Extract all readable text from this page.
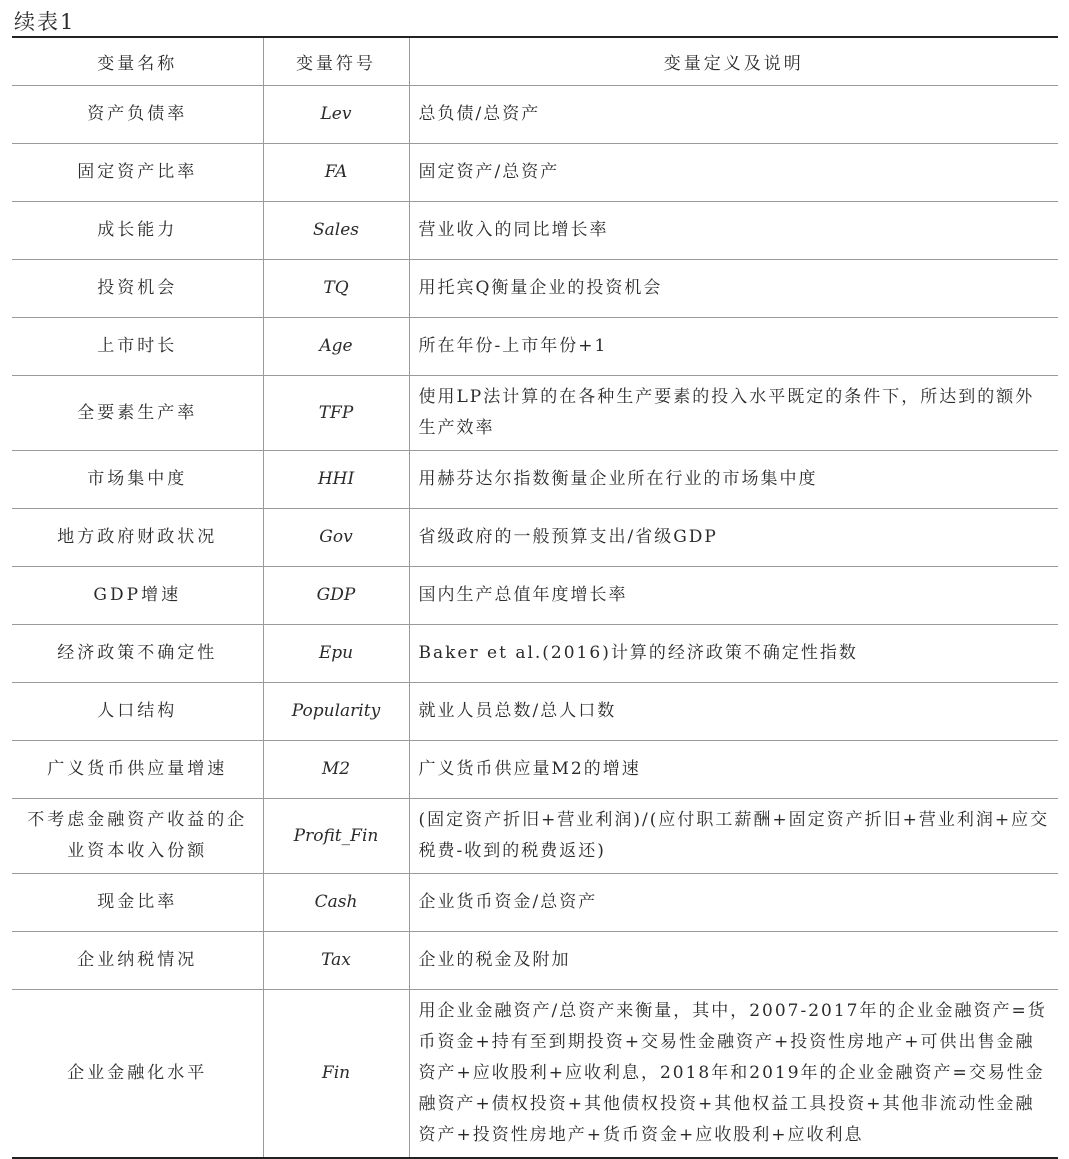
续表1
变量名称	变量符号	变量定义及说明
资产负债率	Lev	总负债/总资产
固定资产比率	FA	固定资产/总资产
成长能力	Sales	营业收入的同比增长率
投资机会	TQ	用托宾Q衡量企业的投资机会
上市时长	Age	所在年份-上市年份+1
全要素生产率	TFP	使用LP法计算的在各种生产要素的投入水平既定的条件下，所达到的额外生产效率
市场集中度	HHI	用赫芬达尔指数衡量企业所在行业的市场集中度
地方政府财政状况	Gov	省级政府的一般预算支出/省级GDP
GDP增速	GDP	国内生产总值年度增长率
经济政策不确定性	Epu	Baker et al.(2016)计算的经济政策不确定性指数
人口结构	Popularity	就业人员总数/总人口数
广义货币供应量增速	M2	广义货币供应量M2的增速
不考虑金融资产收益的企业资本收入份额	Profit_Fin	(固定资产折旧+营业利润)/(应付职工薪酬+固定资产折旧+营业利润+应交税费-收到的税费返还)
现金比率	Cash	企业货币资金/总资产
企业纳税情况	Tax	企业的税金及附加
企业金融化水平	Fin	用企业金融资产/总资产来衡量，其中，2007-2017年的企业金融资产=货币资金+持有至到期投资+交易性金融资产+投资性房地产+可供出售金融资产+应收股利+应收利息，2018年和2019年的企业金融资产=交易性金融资产+债权投资+其他债权投资+其他权益工具投资+其他非流动性金融资产+投资性房地产+货币资金+应收股利+应收利息
